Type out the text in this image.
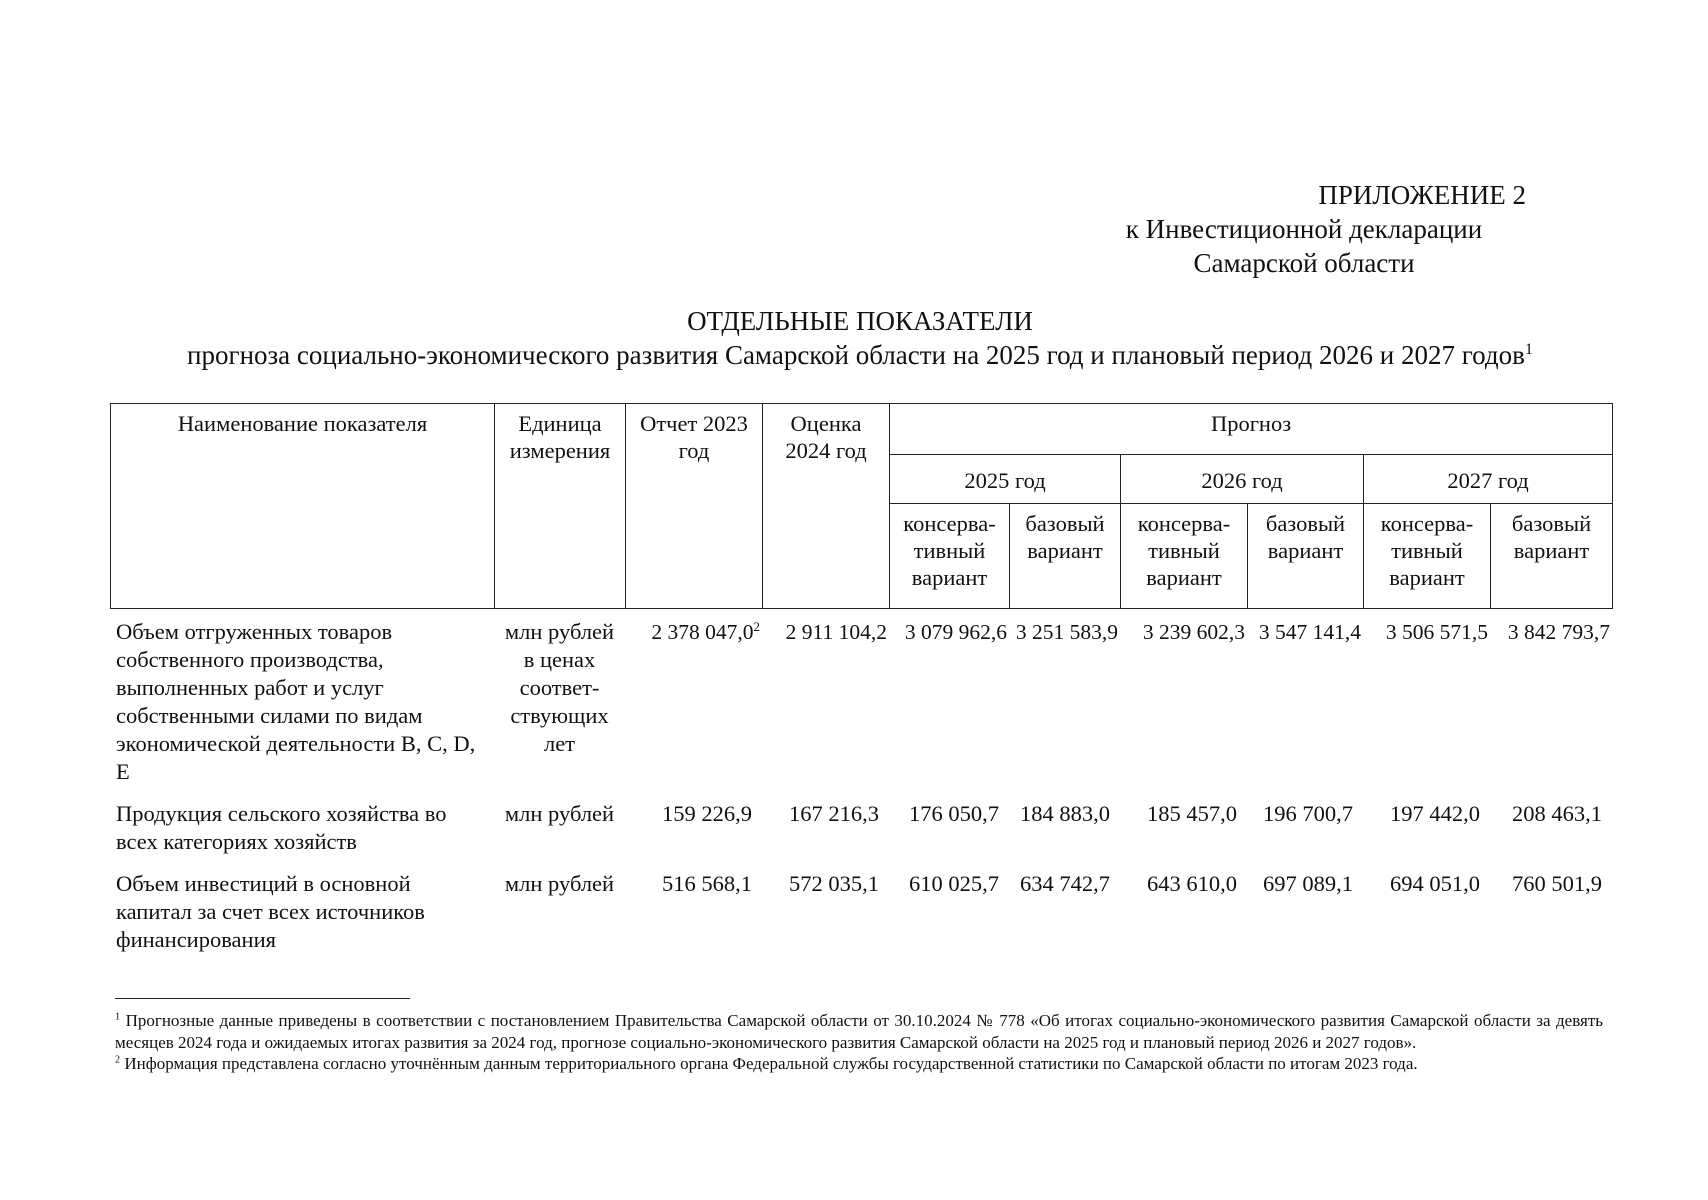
ПРИЛОЖЕНИЕ 2
к Инвестиционной декларации
Самарской области
ОТДЕЛЬНЫЕ ПОКАЗАТЕЛИ
прогноза социально-экономического развития Самарской области на 2025 год и плановый период 2026 и 2027 годов$^1$
Наименование показателя	Единица измерения	Отчет 2023 год	Оценка 2024 год	Прогноз					
				2025 год		2026 год		2027 год	
				консерва-тивный вариант	базовый вариант	консерва-тивный вариант	базовый вариант	консерва-тивный вариант	базовый вариант
Объем отгруженных товаров собственного производства, выполненных работ и услуг собственными силами по видам экономической деятельности B, C, D, E	млн рублей в ценах соответ-ствующих лет	2 378 047,0$^2$	2 911 104,2	3 079 962,6	3 251 583,9	3 239 602,3	3 547 141,4	3 506 571,5	3 842 793,7
Продукция сельского хозяйства во всех категориях хозяйств	млн рублей	159 226,9	167 216,3	176 050,7	184 883,0	185 457,0	196 700,7	197 442,0	208 463,1
Объем инвестиций в основной капитал за счет всех источников финансирования	млн рублей	516 568,1	572 035,1	610 025,7	634 742,7	643 610,0	697 089,1	694 051,0	760 501,9

$^1$ Прогнозные данные приведены в соответствии с постановлением Правительства Самарской области от 30.10.2024 № 778 «Об итогах социально-экономического развития Самарской области за девять месяцев 2024 года и ожидаемых итогах развития за 2024 год, прогнозе социально-экономического развития Самарской области на 2025 год и плановый период 2026 и 2027 годов».

$^2$ Информация представлена согласно уточнённым данным территориального органа Федеральной службы государственной статистики по Самарской области по итогам 2023 года.
